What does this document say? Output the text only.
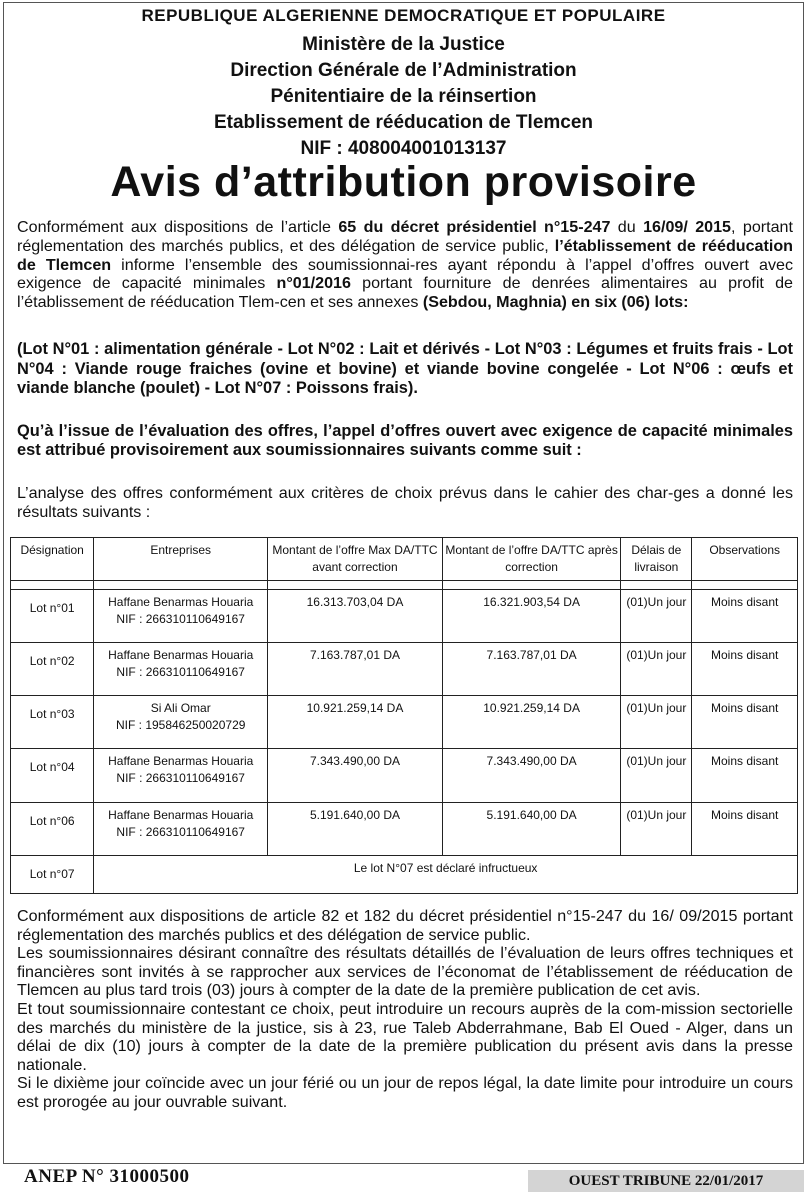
REPUBLIQUE ALGERIENNE DEMOCRATIQUE ET POPULAIRE
Ministère de la Justice
Direction Générale de l’Administration
Pénitentiaire de la réinsertion
Etablissement de rééducation de Tlemcen
NIF : 408004001013137
Avis d’attribution provisoire
Conformément aux dispositions de l’article 65 du décret présidentiel n°15-247 du 16/09/ 2015, portant réglementation des marchés publics, et des délégation de service public, l’établissement de rééducation de Tlemcen informe l’ensemble des soumissionnai-res ayant répondu à l’appel d’offres ouvert avec exigence de capacité minimales n°01/2016 portant fourniture de denrées alimentaires au profit de l’établissement de rééducation Tlem-cen et ses annexes (Sebdou, Maghnia) en six (06) lots:
(Lot N°01 : alimentation générale - Lot N°02 : Lait et dérivés - Lot N°03 : Légumes et fruits frais - Lot N°04 : Viande rouge fraiches (ovine et bovine) et viande bovine congelée - Lot N°06 : œufs et viande blanche (poulet) - Lot N°07 : Poissons frais).
Qu’à l’issue de l’évaluation des offres, l’appel d’offres ouvert avec exigence de capacité minimales est attribué provisoirement aux soumissionnaires suivants comme suit :
L’analyse des offres conformément aux critères de choix prévus dans le cahier des char-ges a donné les résultats suivants :
Désignation	Entreprises	Montant de l’offre Max DA/TTC avant correction	Montant de l’offre DA/TTC après correction	Délais de livraison	Observations

Lot n°01	Haffane Benarmas Houaria
NIF : 266310110649167	16.313.703,04 DA	16.321.903,54 DA	(01)Un jour	Moins disant
Lot n°02	Haffane Benarmas Houaria
NIF : 266310110649167	7.163.787,01 DA	7.163.787,01 DA	(01)Un jour	Moins disant
Lot n°03	Si Ali Omar
NIF : 195846250020729	10.921.259,14 DA	10.921.259,14 DA	(01)Un jour	Moins disant
Lot n°04	Haffane Benarmas Houaria
NIF : 266310110649167	7.343.490,00 DA	7.343.490,00 DA	(01)Un jour	Moins disant
Lot n°06	Haffane Benarmas Houaria
NIF : 266310110649167	5.191.640,00 DA	5.191.640,00 DA	(01)Un jour	Moins disant
Lot n°07	Le lot N°07 est déclaré infructueux				
Conformément aux dispositions de article 82 et 182 du décret présidentiel n°15-247 du 16/ 09/2015 portant réglementation des marchés publics et des délégation de service public.
Les soumissionnaires désirant connaître des résultats détaillés de l’évaluation de leurs offres techniques et financières sont invités à se rapprocher aux services de l’économat de l’établissement de rééducation de Tlemcen au plus tard trois (03) jours à compter de la date de la première publication de cet avis.
Et tout soumissionnaire contestant ce choix, peut introduire un recours auprès de la com-mission sectorielle des marchés du ministère de la justice, sis à 23, rue Taleb Abderrahmane, Bab El Oued - Alger, dans un délai de dix (10) jours à compter de la date de la première publication du présent avis dans la presse nationale.
Si le dixième jour coïncide avec un jour férié ou un jour de repos légal, la date limite pour introduire un cours est prorogée au jour ouvrable suivant.
ANEP N° 31000500	OUEST TRIBUNE 22/01/2017
